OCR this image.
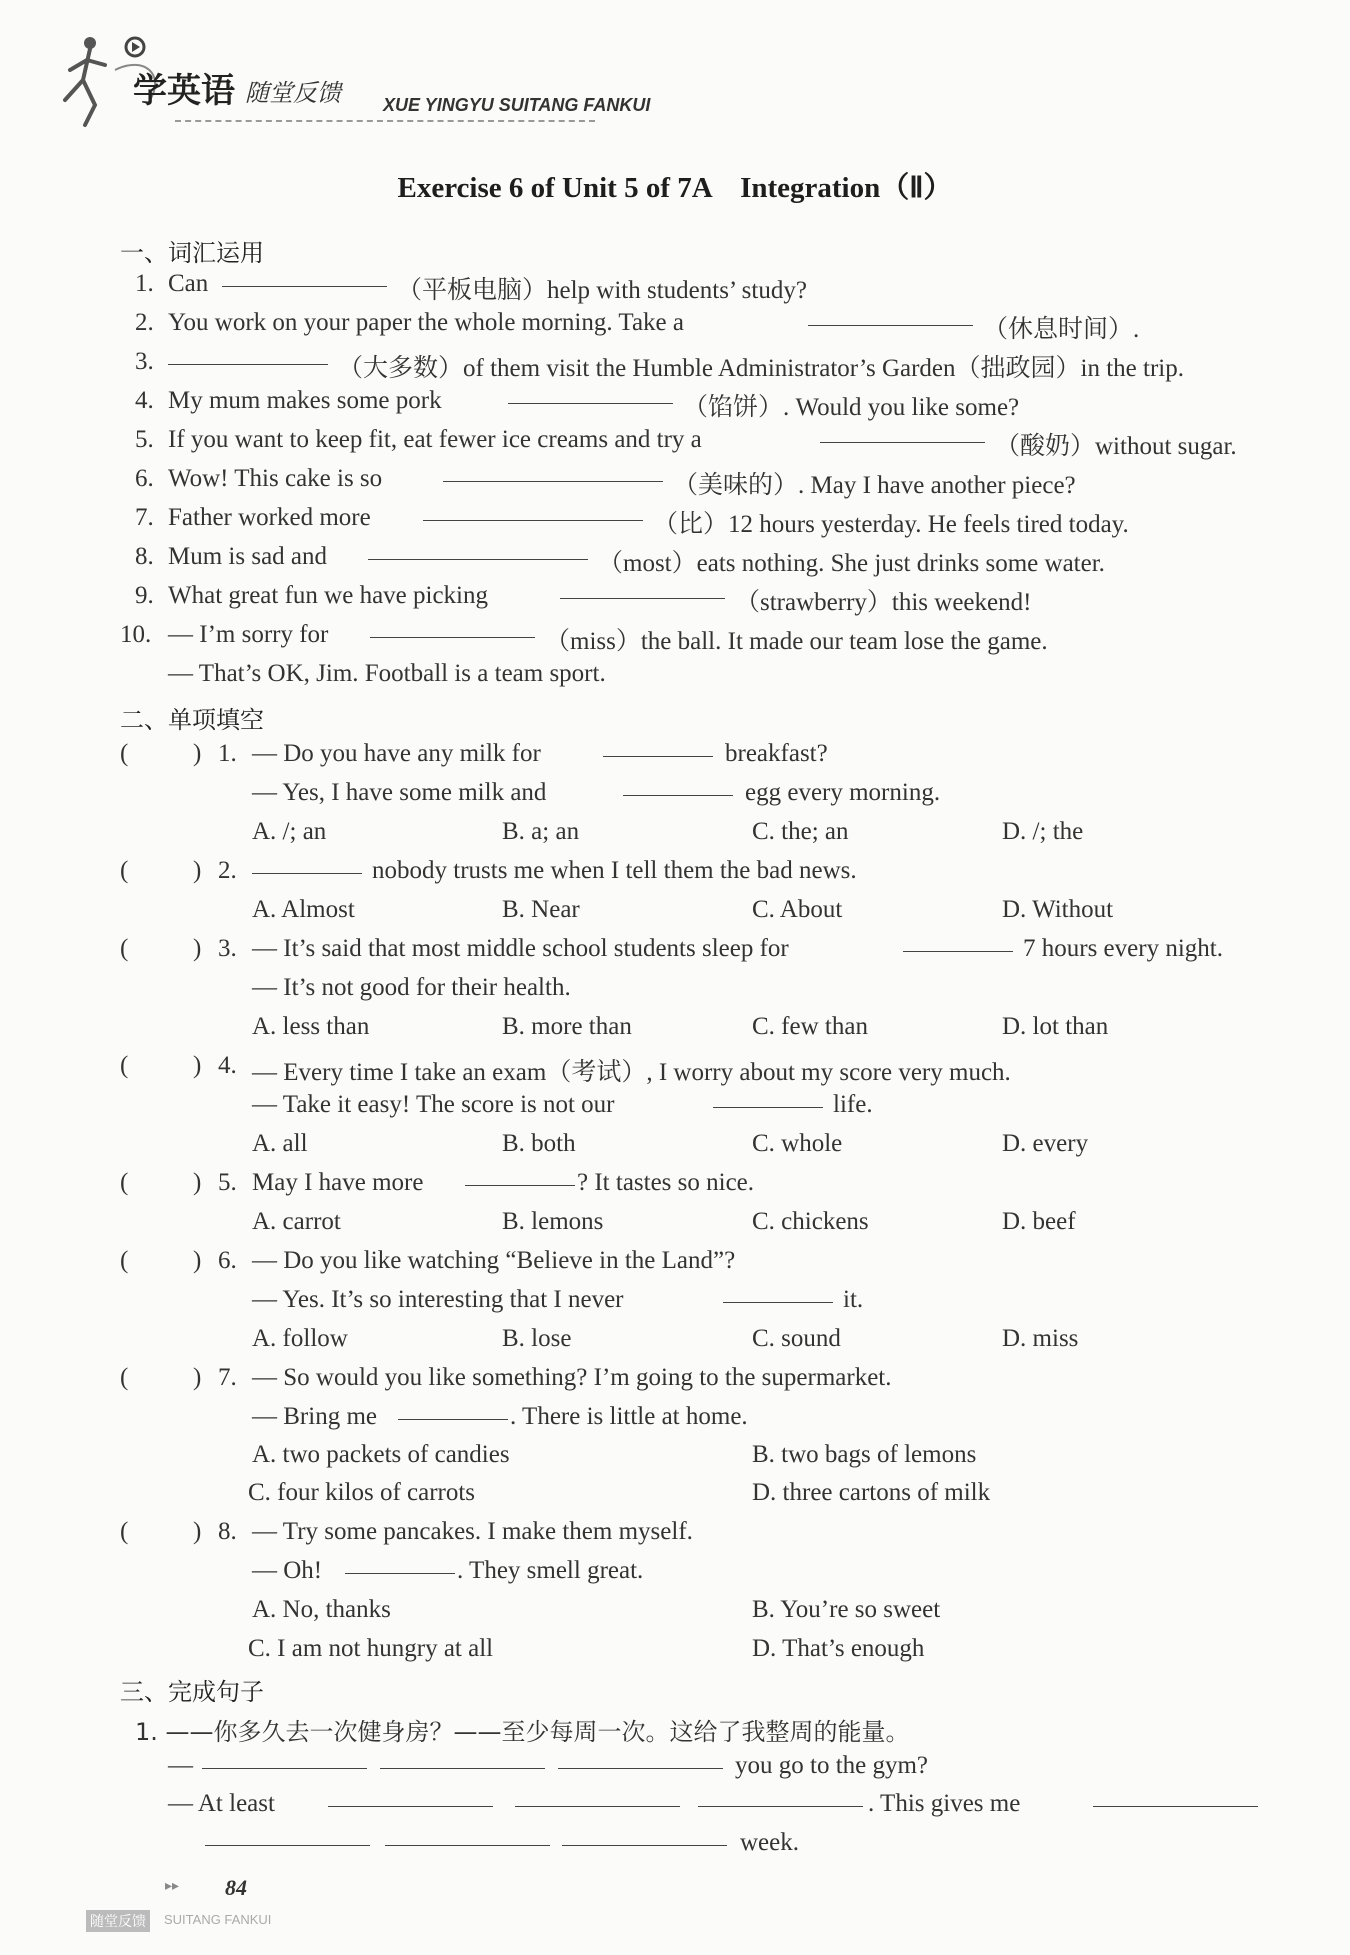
学英语 随堂反馈 XUE YINGYU SUITANG FANKUI
Exercise 6 of Unit 5 of 7A　Integration（Ⅱ）
一、词汇运用
1. Can	（平板电脑）help with students’ study?
2. You work on your paper the whole morning. Take a	（休息时间）.
3.	（大多数）of them visit the Humble Administrator’s Garden（拙政园）in the trip.
4. My mum makes some pork	（馅饼）. Would you like some?
5. If you want to keep fit, eat fewer ice creams and try a	（酸奶）without sugar.
6. Wow! This cake is so	（美味的）. May I have another piece?
7. Father worked more	（比）12 hours yesterday. He feels tired today.
8. Mum is sad and	（most）eats nothing. She just drinks some water.
9. What great fun we have picking	（strawberry）this weekend!
10. — I’m sorry for	（miss）the ball. It made our team lose the game.
— That’s OK, Jim. Football is a team sport.
二、单项填空
(	) 1. — Do you have any milk for	breakfast?
— Yes, I have some milk and	egg every morning.
A. /; an	B. a; an	C. the; an	D. /; the
(	) 2.	nobody trusts me when I tell them the bad news.
A. Almost	B. Near	C. About	D. Without
(	) 3. — It’s said that most middle school students sleep for	7 hours every night.
— It’s not good for their health.
A. less than	B. more than	C. few than	D. lot than
(	) 4. — Every time I take an exam（考试）, I worry about my score very much.
— Take it easy! The score is not our	life.
A. all	B. both	C. whole	D. every
(	) 5. May I have more	? It tastes so nice.
A. carrot	B. lemons	C. chickens	D. beef
(	) 6. — Do you like watching “Believe in the Land”?
— Yes. It’s so interesting that I never	it.
A. follow	B. lose	C. sound	D. miss
(	) 7. — So would you like something? I’m going to the supermarket.
— Bring me	. There is little at home.
A. two packets of candies	B. two bags of lemons
C. four kilos of carrots	D. three cartons of milk
(	) 8. — Try some pancakes. I make them myself.
— Oh!	. They smell great.
A. No, thanks	B. You’re so sweet
C. I am not hungry at all	D. That’s enough
三、完成句子
1. ——你多久去一次健身房？——至少每周一次。这给了我整周的能量。
—	you go to the gym?
— At least	. This gives me
week.
▸▸ 84
随堂反馈	SUITANG FANKUI
